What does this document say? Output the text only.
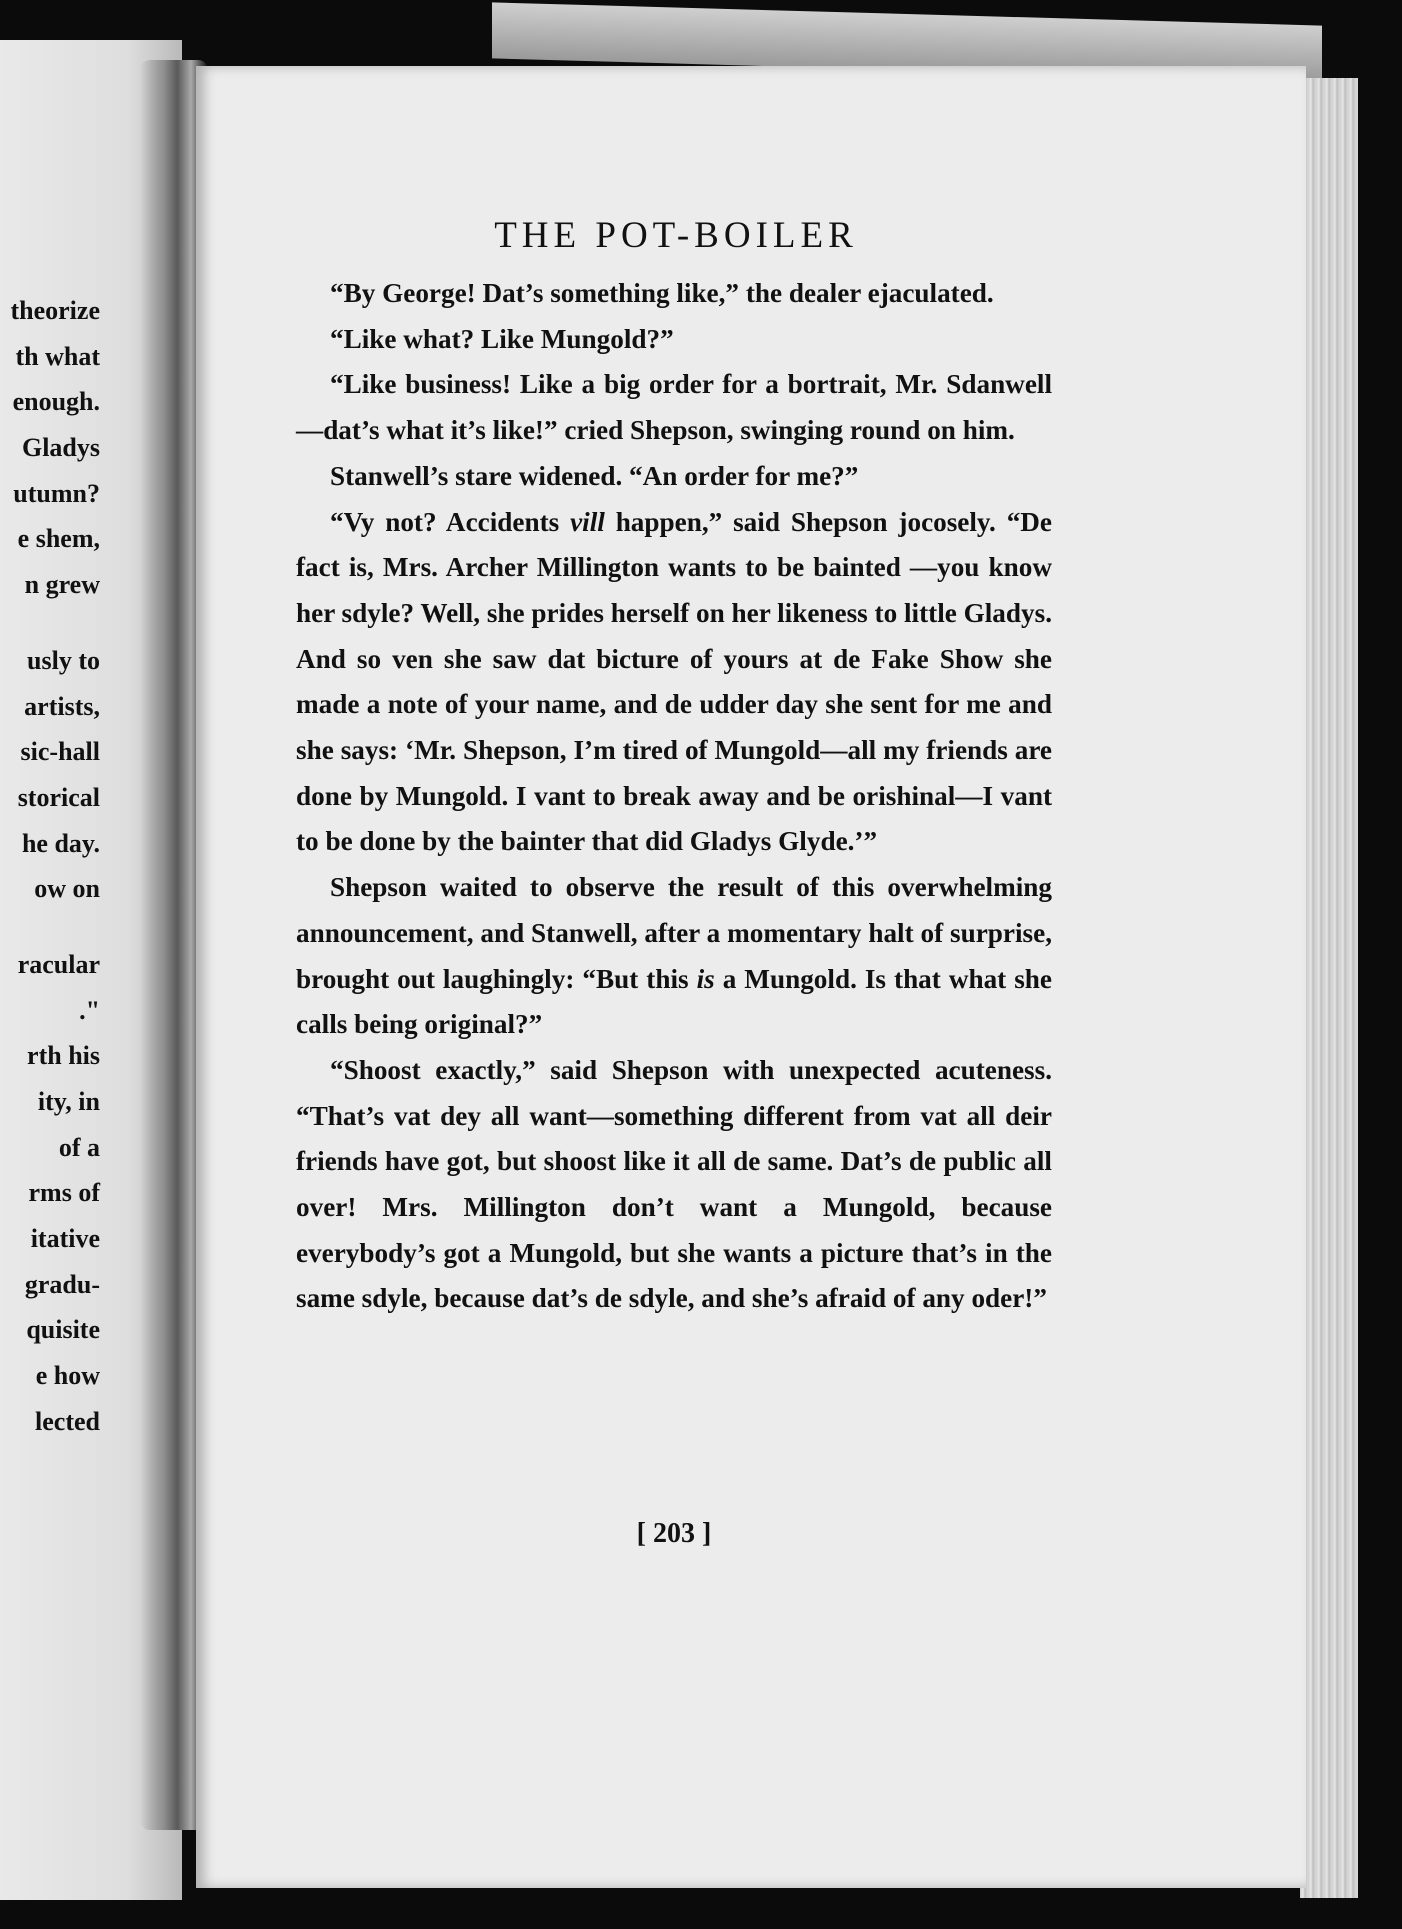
theorize
th what
enough.
Gladys
utumn?
e shem,
n grew
usly to
artists,
sic-hall
storical
he day.
ow on
racular
."
rth his
ity, in
of a
rms of
itative
gradu-
quisite
e how
lected
THE POT-BOILER

“By George! Dat’s something like,” the dealer ejaculated.

“Like what? Like Mungold?”

“Like business! Like a big order for a bortrait, Mr. Sdanwell—dat’s what it’s like!” cried Shepson, swinging round on him.

Stanwell’s stare widened. “An order for me?”

“Vy not? Accidents vill happen,” said Shepson jocosely. “De fact is, Mrs. Archer Millington wants to be bainted —you know her sdyle? Well, she prides herself on her likeness to little Gladys. And so ven she saw dat bicture of yours at de Fake Show she made a note of your name, and de udder day she sent for me and she says: ‘Mr. Shepson, I’m tired of Mungold—all my friends are done by Mungold. I vant to break away and be orishinal—I vant to be done by the bainter that did Gladys Glyde.’”

Shepson waited to observe the result of this overwhelming announcement, and Stanwell, after a momentary halt of surprise, brought out laughingly: “But this is a Mungold. Is that what she calls being original?”

“Shoost exactly,” said Shepson with unexpected acuteness. “That’s vat dey all want—something different from vat all deir friends have got, but shoost like it all de same. Dat’s de public all over! Mrs. Millington don’t want a Mungold, because everybody’s got a Mungold, but she wants a picture that’s in the same sdyle, because dat’s de sdyle, and she’s afraid of any oder!”

[ 203 ]
